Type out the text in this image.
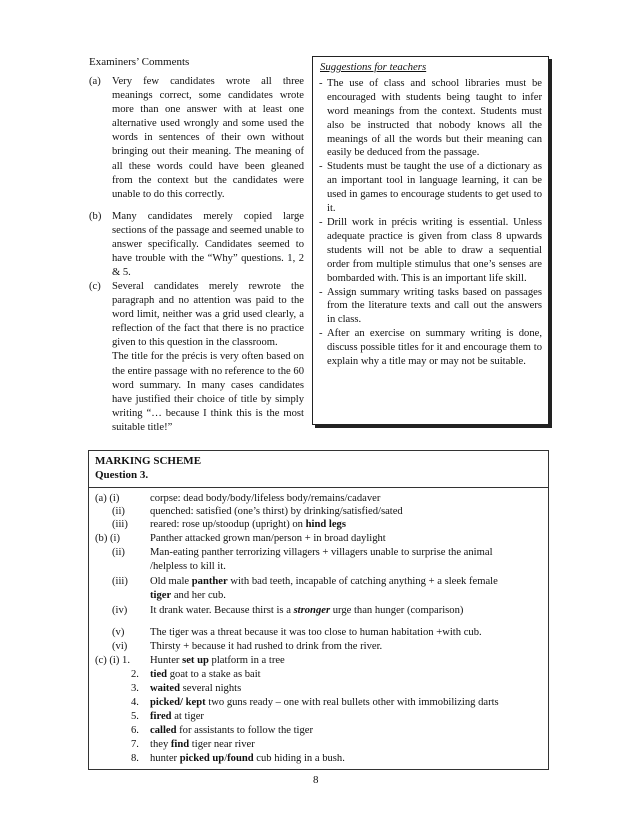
Examiners’ Comments
(a) Very few candidates wrote all three meanings correct, some candidates wrote more than one answer with at least one alternative used wrongly and some used the words in sentences of their own without bringing out their meaning. The meaning of all these words could have been gleaned from the context but the candidates were unable to do this correctly.

(b) Many candidates merely copied large sections of the passage and seemed unable to answer specifically. Candidates seemed to have trouble with the “Why” questions. 1, 2 & 5.

(c) Several candidates merely rewrote the paragraph and no attention was paid to the word limit, neither was a grid used clearly, a reflection of the fact that there is no practice given to this question in the classroom.

The title for the précis is very often based on the entire passage with no reference to the 60 word summary. In many cases candidates have justified their choice of title by simply writing “… because I think this is the most suitable title!”

Suggestions for teachers
- The use of class and school libraries must be encouraged with students being taught to infer word meanings from the context. Students must also be instructed that nobody knows all the meanings of all the words but their meaning can easily be deduced from the passage.
- Students must be taught the use of a dictionary as an important tool in language learning, it can be used in games to encourage students to get used to it.
- Drill work in précis writing is essential. Unless adequate practice is given from class 8 upwards students will not be able to draw a sequential order from multiple stimulus that one’s senses are bombarded with. This is an important life skill.
- Assign summary writing tasks based on passages from the literature texts and call out the answers in class.
- After an exercise on summary writing is done, discuss possible titles for it and encourage them to explain why a title may or may not be suitable.
MARKING SCHEME
Question 3.
(a) (i)	corpse: dead body/body/lifeless body/remains/cadaver
(ii) quenched: satisfied (one’s thirst) by drinking/satisfied/sated
(iii) reared: rose up/stoodup (upright) on hind legs
(b) (i)	Panther attacked grown man/person + in broad daylight
(ii) Man-eating panther terrorizing villagers + villagers unable to surprise the animal
/helpless to kill it.
(iii) Old male panther with bad teeth, incapable of catching anything + a sleek female
tiger and her cub.
(iv) It drank water. Because thirst is a stronger urge than hunger (comparison)
(v) The tiger was a threat because it was too close to human habitation +with cub.
(vi) Thirsty + because it had rushed to drink from the river.
(c) (i) 1. Hunter set up platform in a tree
2. tied goat to a stake as bait
3. waited several nights
4. picked/ kept two guns ready – one with real bullets other with immobilizing darts
5. fired at tiger
6. called for assistants to follow the tiger
7. they find tiger near river
8. hunter picked up/found cub hiding in a bush.
8
